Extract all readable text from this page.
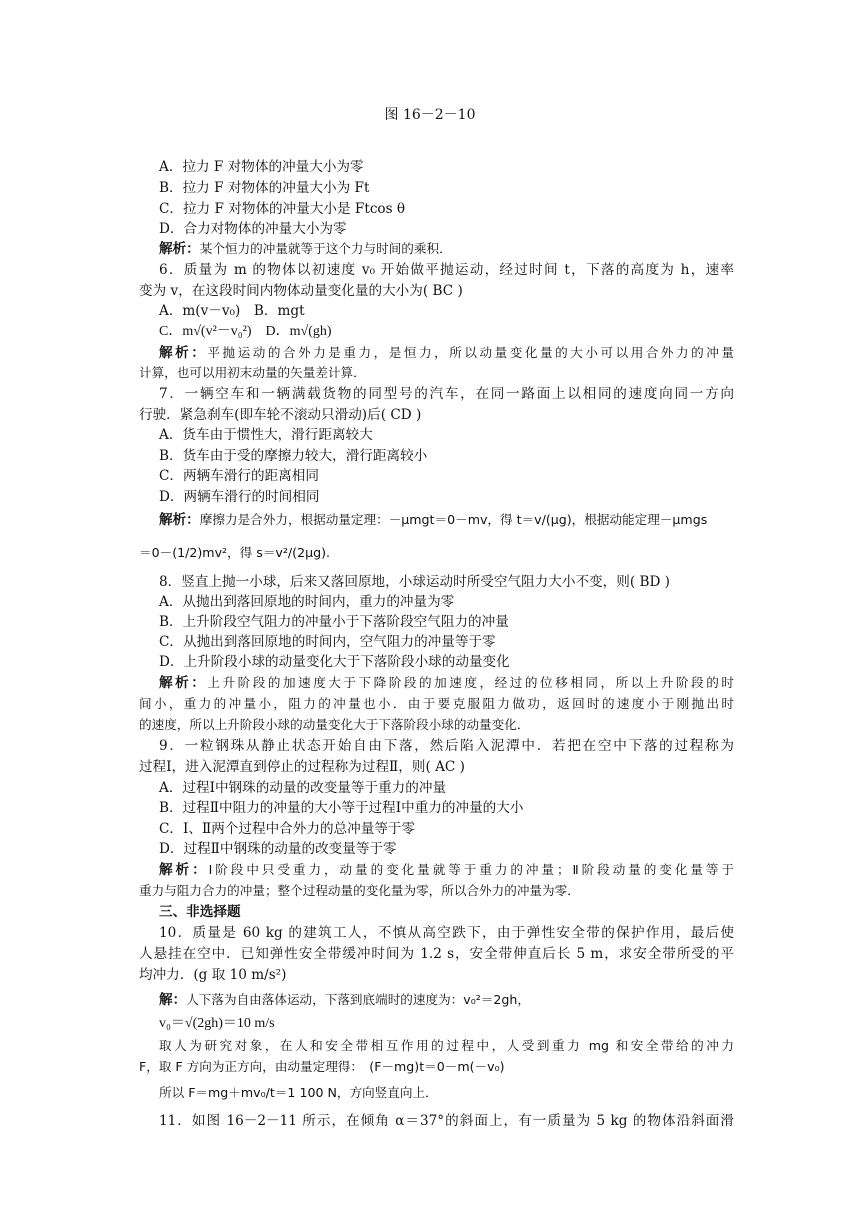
图 16－2－10
A．拉力 F 对物体的冲量大小为零
B．拉力 F 对物体的冲量大小为 Ft
C．拉力 F 对物体的冲量大小是 Ftcos θ
D．合力对物体的冲量大小为零
解析：某个恒力的冲量就等于这个力与时间的乘积．
6．质量为 m 的物体以初速度 v₀ 开始做平抛运动，经过时间 t，下落的高度为 h，速率
变为 v，在这段时间内物体动量变化量的大小为( BC )
A．m(v－v₀)　B．mgt
C．m√(v²－v₀²)　D．m√(gh)
解析：平抛运动的合外力是重力，是恒力，所以动量变化量的大小可以用合外力的冲量
计算，也可以用初末动量的矢量差计算．
7．一辆空车和一辆满载货物的同型号的汽车，在同一路面上以相同的速度向同一方向
行驶．紧急刹车(即车轮不滚动只滑动)后( CD )
A．货车由于惯性大，滑行距离较大
B．货车由于受的摩擦力较大，滑行距离较小
C．两辆车滑行的距离相同
D．两辆车滑行的时间相同
解析：摩擦力是合外力，根据动量定理：－μmgt＝0－mv，得 t＝v/(μg)，根据动能定理－μmgs
＝0－(1/2)mv²，得 s＝v²/(2μg).
8．竖直上抛一小球，后来又落回原地，小球运动时所受空气阻力大小不变，则( BD )
A．从抛出到落回原地的时间内，重力的冲量为零
B．上升阶段空气阻力的冲量小于下落阶段空气阻力的冲量
C．从抛出到落回原地的时间内，空气阻力的冲量等于零
D．上升阶段小球的动量变化大于下落阶段小球的动量变化
解析：上升阶段的加速度大于下降阶段的加速度，经过的位移相同，所以上升阶段的时
间小，重力的冲量小，阻力的冲量也小．由于要克服阻力做功，返回时的速度小于刚抛出时
的速度，所以上升阶段小球的动量变化大于下落阶段小球的动量变化．
9．一粒钢珠从静止状态开始自由下落，然后陷入泥潭中．若把在空中下落的过程称为
过程Ⅰ，进入泥潭直到停止的过程称为过程Ⅱ，则( AC )
A．过程Ⅰ中钢珠的动量的改变量等于重力的冲量
B．过程Ⅱ中阻力的冲量的大小等于过程Ⅰ中重力的冲量的大小
C．Ⅰ、Ⅱ两个过程中合外力的总冲量等于零
D．过程Ⅱ中钢珠的动量的改变量等于零
解析：Ⅰ阶段中只受重力，动量的变化量就等于重力的冲量；Ⅱ阶段动量的变化量等于
重力与阻力合力的冲量；整个过程动量的变化量为零，所以合外力的冲量为零．
三、非选择题
10．质量是 60 kg 的建筑工人，不慎从高空跌下，由于弹性安全带的保护作用，最后使
人悬挂在空中．已知弹性安全带缓冲时间为 1.2 s，安全带伸直后长 5 m，求安全带所受的平
均冲力．(g 取 10 m/s²)
解：人下落为自由落体运动，下落到底端时的速度为：v₀²＝2gh，
v₀＝√(2gh)＝10 m/s
取人为研究对象，在人和安全带相互作用的过程中，人受到重力 mg 和安全带给的冲力
F，取 F 方向为正方向，由动量定理得：　(F－mg)t＝0－m(－v₀)
所以 F＝mg＋mv₀/t＝1 100 N，方向竖直向上．
11．如图 16－2－11 所示，在倾角 α＝37°的斜面上，有一质量为 5 kg 的物体沿斜面滑
